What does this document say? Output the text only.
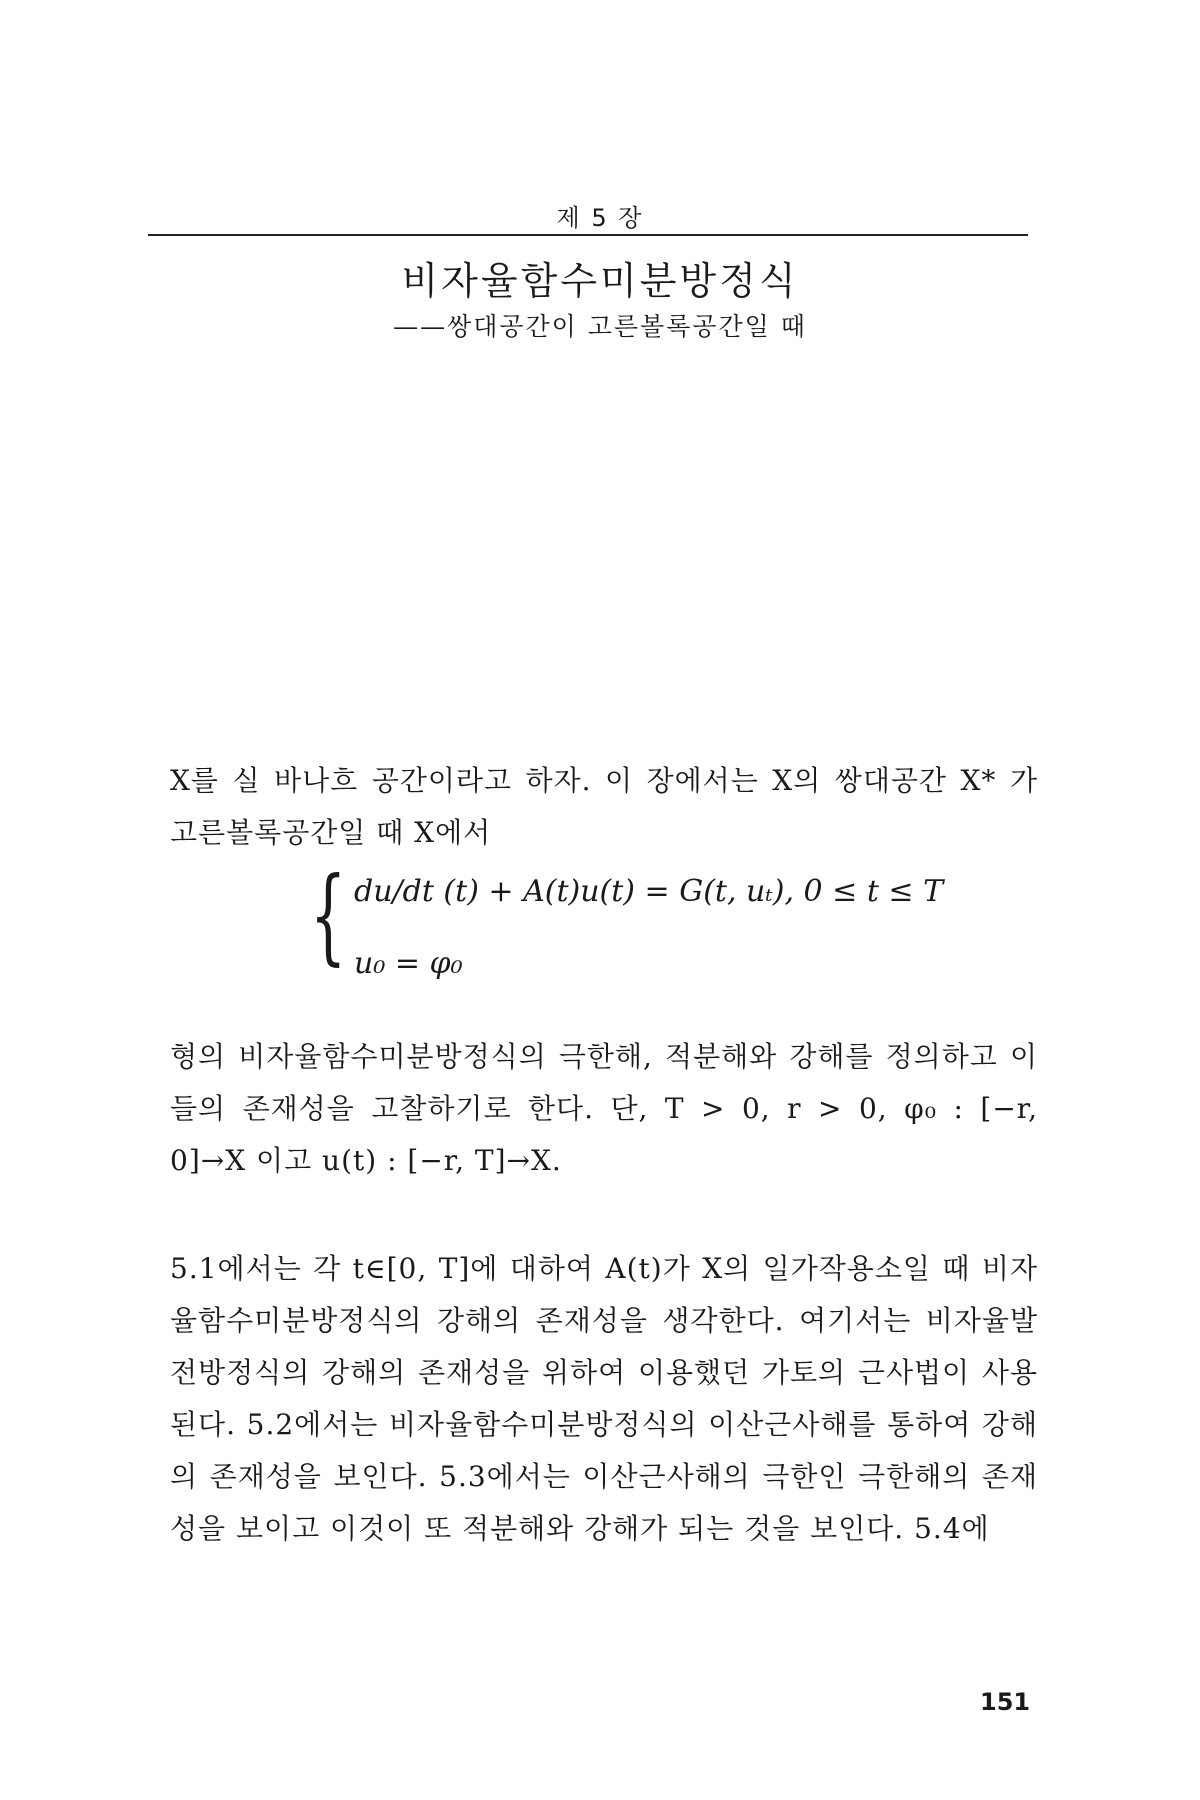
제 5 장
비자율함수미분방정식
——쌍대공간이 고른볼록공간일 때
X를 실 바나흐 공간이라고 하자. 이 장에서는 X의 쌍대공간 X* 가 고른볼록공간일 때 X에서
{ du/dt (t) + A(t)u(t) = G(t, uₜ), 0 ≤ t ≤ T
u₀ = φ₀
형의 비자율함수미분방정식의 극한해, 적분해와 강해를 정의하고 이들의 존재성을 고찰하기로 한다. 단, T > 0, r > 0, φ₀ : [−r, 0]→X 이고 u(t) : [−r, T]→X.
5.1에서는 각 t∈[0, T]에 대하여 A(t)가 X의 일가작용소일 때 비자율함수미분방정식의 강해의 존재성을 생각한다. 여기서는 비자율발전방정식의 강해의 존재성을 위하여 이용했던 가토의 근사법이 사용된다. 5.2에서는 비자율함수미분방정식의 이산근사해를 통하여 강해의 존재성을 보인다. 5.3에서는 이산근사해의 극한인 극한해의 존재성을 보이고 이것이 또 적분해와 강해가 되는 것을 보인다. 5.4에
151
